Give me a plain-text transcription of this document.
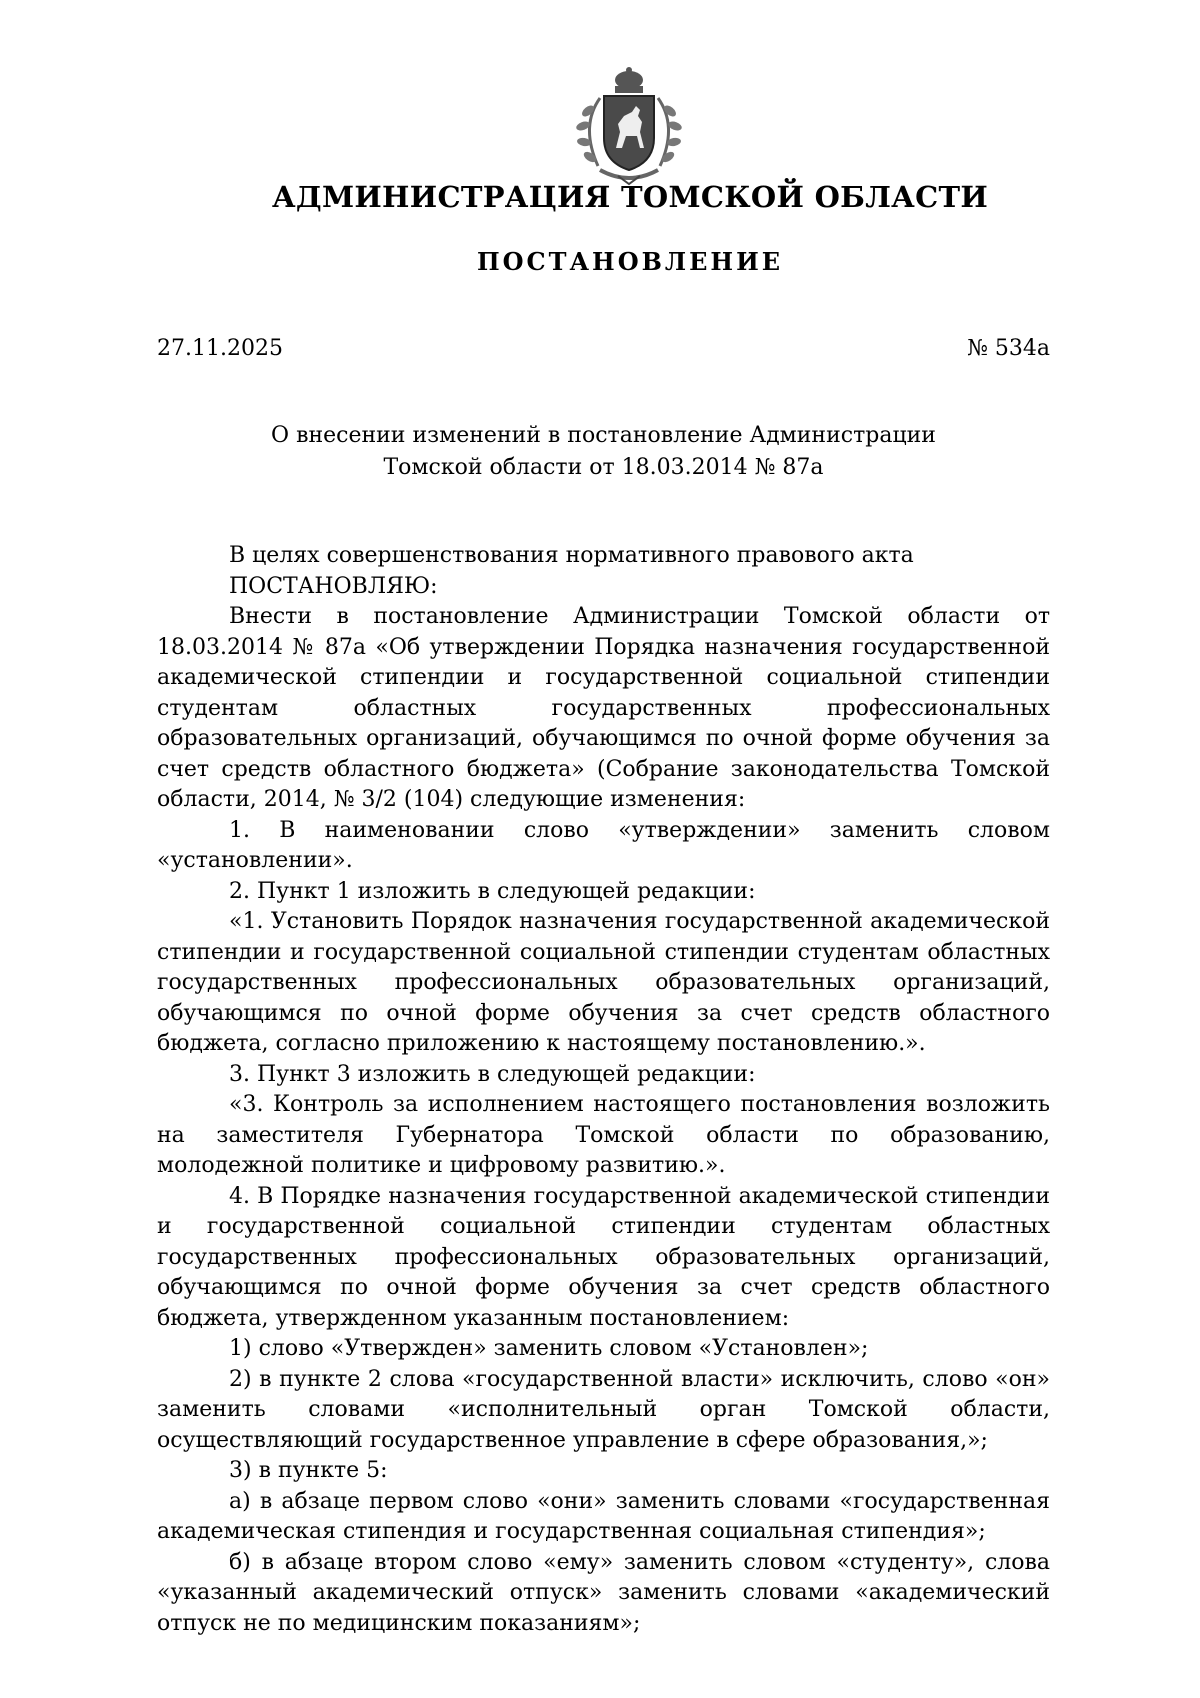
АДМИНИСТРАЦИЯ ТОМСКОЙ ОБЛАСТИ
ПОСТАНОВЛЕНИЕ
27.11.2025	№ 534а
О внесении изменений в постановление Администрации
Томской области от 18.03.2014 № 87а

В целях совершенствования нормативного правового акта

ПОСТАНОВЛЯЮ:

Внести в постановление Администрации Томской области от 18.03.2014 № 87а «Об утверждении Порядка назначения государственной академической стипендии и государственной социальной стипендии студентам областных государственных профессиональных образовательных организаций, обучающимся по очной форме обучения за счет средств областного бюджета» (Собрание законодательства Томской области, 2014, № 3/2 (104) следующие изменения:

1. В наименовании слово «утверждении» заменить словом «установлении».

2. Пункт 1 изложить в следующей редакции:

«1. Установить Порядок назначения государственной академической стипендии и государственной социальной стипендии студентам областных государственных профессиональных образовательных организаций, обучающимся по очной форме обучения за счет средств областного бюджета, согласно приложению к настоящему постановлению.».

3. Пункт 3 изложить в следующей редакции:

«3. Контроль за исполнением настоящего постановления возложить на заместителя Губернатора Томской области по образованию, молодежной политике и цифровому развитию.».

4. В Порядке назначения государственной академической стипендии и государственной социальной стипендии студентам областных государственных профессиональных образовательных организаций, обучающимся по очной форме обучения за счет средств областного бюджета, утвержденном указанным постановлением:

1) слово «Утвержден» заменить словом «Установлен»;

2) в пункте 2 слова «государственной власти» исключить, слово «он» заменить словами «исполнительный орган Томской области, осуществляющий государственное управление в сфере образования,»;

3) в пункте 5:

а) в абзаце первом слово «они» заменить словами «государственная академическая стипендия и государственная социальная стипендия»;

б) в абзаце втором слово «ему» заменить словом «студенту», слова «указанный академический отпуск» заменить словами «академический отпуск не по медицинским показаниям»;
